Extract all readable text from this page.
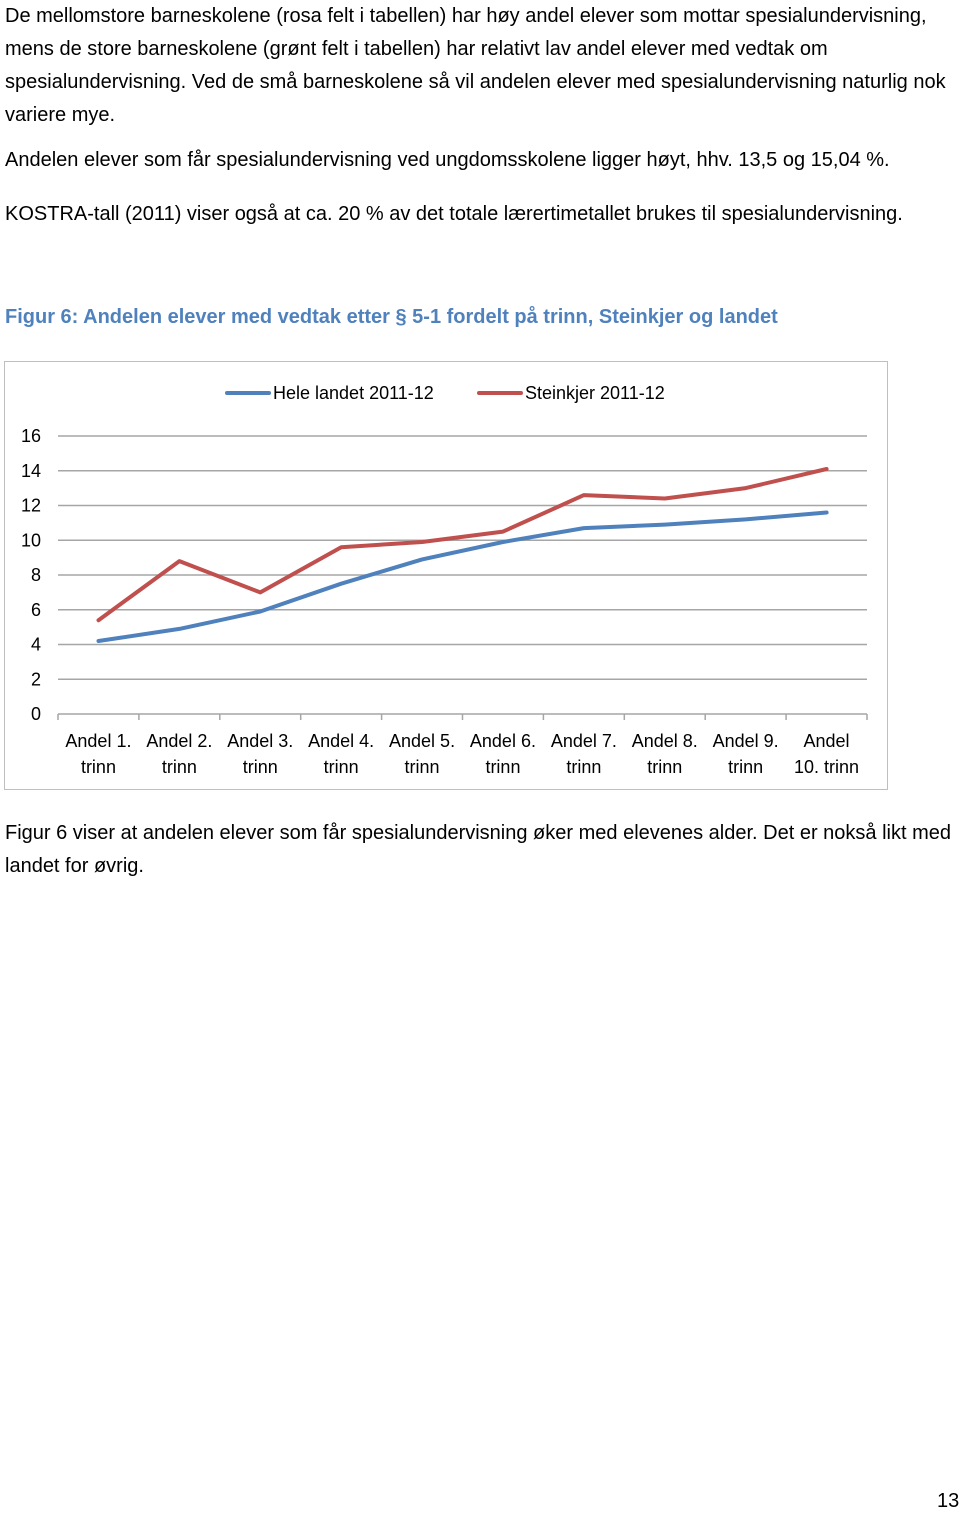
De mellomstore barneskolene (rosa felt i tabellen) har høy andel elever som mottar spesialundervisning, mens de store barneskolene (grønt felt i tabellen) har relativt lav andel elever med vedtak om spesialundervisning. Ved de små barneskolene så vil andelen elever med spesialundervisning naturlig nok variere mye.

Andelen elever som får spesialundervisning ved ungdomsskolene ligger høyt, hhv. 13,5 og 15,04 %.

KOSTRA-tall (2011) viser også at ca. 20 % av det totale lærertimetallet brukes til spesialundervisning.

Figur 6: Andelen elever med vedtak etter § 5-1 fordelt på trinn, Steinkjer og landet

0
2
4
6
8
10
12
14
16
Andel 1.
trinn
Andel 2.
trinn
Andel 3.
trinn
Andel 4.
trinn
Andel 5.
trinn
Andel 6.
trinn
Andel 7.
trinn
Andel 8.
trinn
Andel 9.
trinn
Andel
10. trinn
Hele landet 2011-12	Steinkjer 2011-12

Figur 6 viser at andelen elever som får spesialundervisning øker med elevenes alder. Det er nokså likt med landet for øvrig.

13
